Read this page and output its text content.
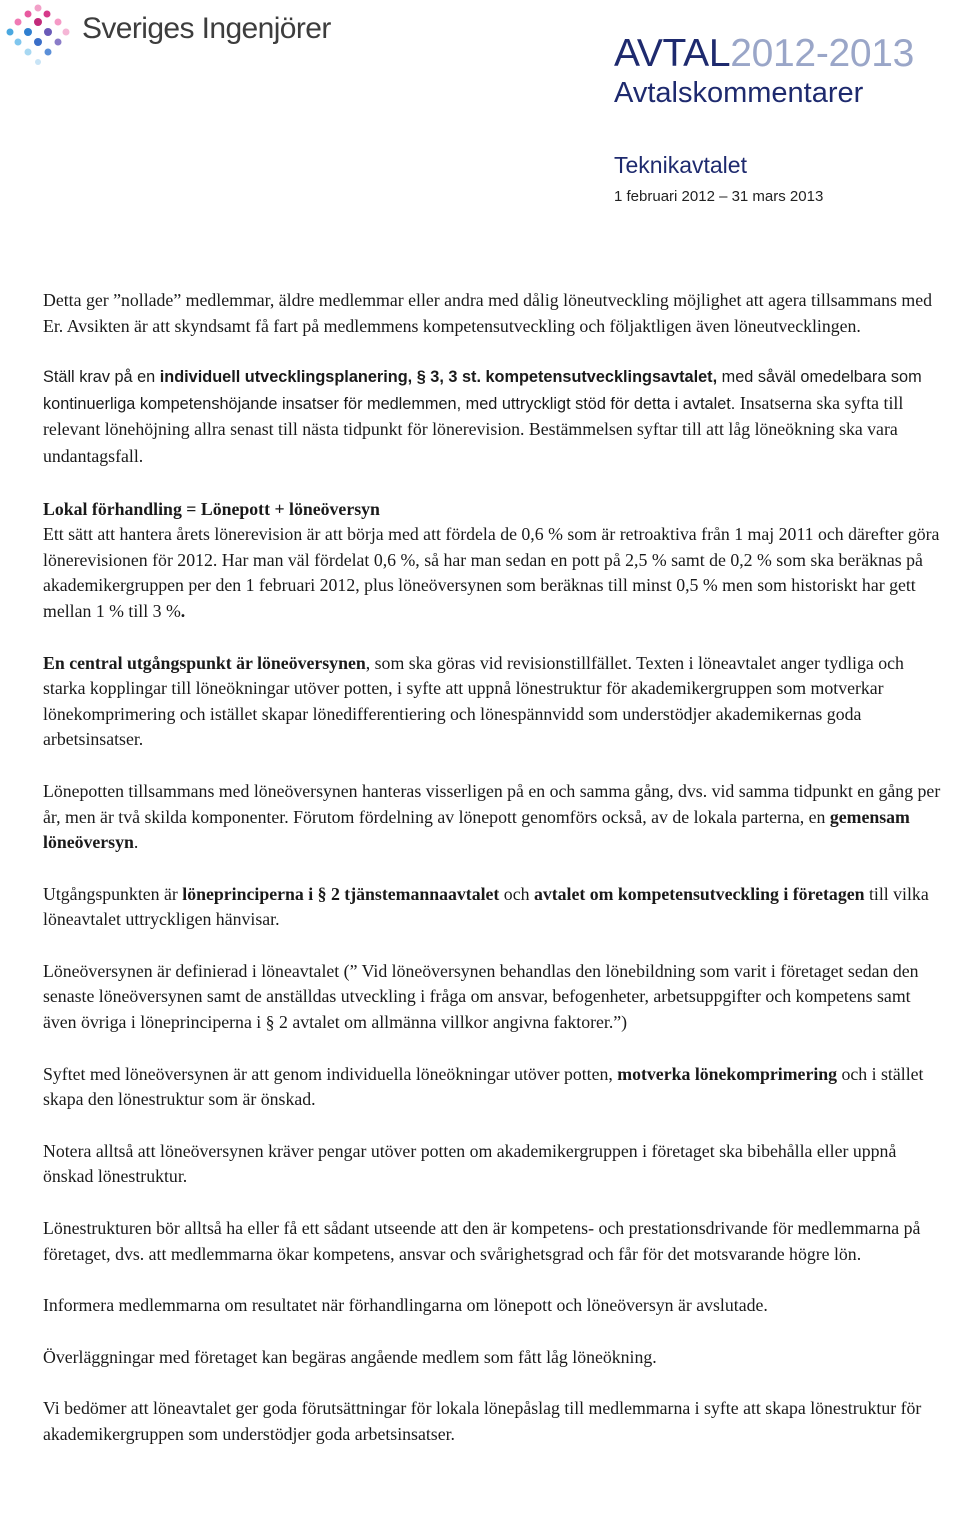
Sveriges Ingenjörer
AVTAL2012-2013
Avtalskommentarer
Teknikavtalet
1 februari 2012 – 31 mars 2013

Detta ger ”nollade” medlemmar, äldre medlemmar eller andra med dålig löneutveckling möjlighet att agera tillsammans med Er. Avsikten är att skyndsamt få fart på medlemmens kompetensutveckling och följaktligen även löneutvecklingen.

Ställ krav på en individuell utvecklingsplanering, § 3, 3 st. kompetensutvecklingsavtalet, med såväl omedelbara som kontinuerliga kompetenshöjande insatser för medlemmen, med uttryckligt stöd för detta i avtalet. Insatserna ska syfta till relevant lönehöjning allra senast till nästa tidpunkt för lönerevision. Bestämmelsen syftar till att låg löneökning ska vara undantagsfall.

Lokal förhandling = Lönepott + löneöversyn
Ett sätt att hantera årets lönerevision är att börja med att fördela de 0,6 % som är retroaktiva från 1 maj 2011 och därefter göra lönerevisionen för 2012. Har man väl fördelat 0,6 %, så har man sedan en pott på 2,5 % samt de 0,2 % som ska beräknas på akademikergruppen per den 1 februari 2012, plus löneöversynen som beräknas till minst 0,5 % men som historiskt har gett mellan 1 % till 3 %.

En central utgångspunkt är löneöversynen, som ska göras vid revisionstillfället. Texten i löneavtalet anger tydliga och starka kopplingar till löneökningar utöver potten, i syfte att uppnå lönestruktur för akademikergruppen som motverkar lönekomprimering och istället skapar lönedifferentiering och lönespännvidd som understödjer akademikernas goda arbetsinsatser.

Lönepotten tillsammans med löneöversynen hanteras visserligen på en och samma gång, dvs. vid samma tidpunkt en gång per år, men är två skilda komponenter. Förutom fördelning av lönepott genomförs också, av de lokala parterna, en gemensam löneöversyn.

Utgångspunkten är löneprinciperna i § 2 tjänstemannaavtalet och avtalet om kompetensutveckling i företagen till vilka löneavtalet uttryckligen hänvisar.

Löneöversynen är definierad i löneavtalet (” Vid löneöversynen behandlas den lönebildning som varit i företaget sedan den senaste löneöversynen samt de anställdas utveckling i fråga om ansvar, befogenheter, arbetsuppgifter och kompetens samt även övriga i löneprinciperna i § 2 avtalet om allmänna villkor angivna faktorer.”)

Syftet med löneöversynen är att genom individuella löneökningar utöver potten, motverka lönekomprimering och i stället skapa den lönestruktur som är önskad.

Notera alltså att löneöversynen kräver pengar utöver potten om akademikergruppen i företaget ska bibehålla eller uppnå önskad lönestruktur.

Lönestrukturen bör alltså ha eller få ett sådant utseende att den är kompetens- och prestationsdrivande för medlemmarna på företaget, dvs. att medlemmarna ökar kompetens, ansvar och svårighetsgrad och får för det motsvarande högre lön.

Informera medlemmarna om resultatet när förhandlingarna om lönepott och löneöversyn är avslutade.

Överläggningar med företaget kan begäras angående medlem som fått låg löneökning.

Vi bedömer att löneavtalet ger goda förutsättningar för lokala lönepåslag till medlemmarna i syfte att skapa lönestruktur för akademikergruppen som understödjer goda arbetsinsatser.
